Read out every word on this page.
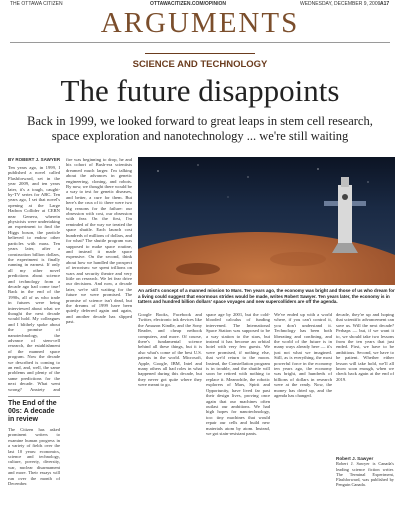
THE OTTAWA CITIZEN	OTTAWACITIZEN.COM/OPINION	WEDNESDAY, DECEMBER 9, 2009 A17
ARGUMENTS
SCIENCE AND TECHNOLOGY
The future disappoints
Back in 1999, we looked forward to great leaps in stem cell research, space exploration and nanotechnology ... we're still waiting
BY ROBERT J. SAWYER
Ten years ago, in 1999, I published a novel called Flashforward, set in the year 2009, and ten years later, it's a tough, caught-by-TV series for ABC. Ten years ago, I set that novel's opening at the Large Hadron Collider at CERN near Geneva, wherein physicists were undertaking an experiment to find the Higgs boson, the particle believed to endow other particles with mass. Ten years later, after a construction billion dollars, the experiment is finally running in earnest. If only all my other novel predictions about science and technology from a decade ago had come true! Back in the end of the 1990s, all of us who trade in futures were being interviewed about what we thought the next decade would hold. My colleagues and I blithely spoke about the promise of nanotechnology, the advance of stem-cell research, the establishment of the manned space program. Now the decade we described is coming to an end, and, well, the same problems and plenty of the same predictions for the next decade. What went wrong? Anxiety and
fire was beginning to drop, he and his cohort of Bush-era scientists dreamed much larger. I'm talking about the advances in genetic engineering, cloning, and robots. By now, we thought there would be a way to test for genetic diseases, and better, a cure for them. But here's the crux of it: there were two big reasons for the failure: our obsession with cost, our obsession with fear. On the first, I'm reminded of the way we treated the space shuttle. Each launch cost hundreds of millions of dollars, and for what? The shuttle program was supposed to make space routine, and instead it made space expensive. On the second, think about how we handled the prospect of terrorism: we spent trillions on wars and security theatre and very little on research. We let fear drive our decisions. And now, a decade later, we're still waiting for the future we were promised. The promise of science isn't dead, but the dreams of 1999 have been quietly deferred again and again, and another decade has slipped past.
The End of the 00s: A decade in review
The Citizen has asked prominent writers to examine human progress in a variety of fields over the last 10 years: economics, science and technology, culture, poverty, diversity, war, nuclear disarmament and more. Their essays will run over the month of December.
An artist's concept of a manned mission to Mars. Ten years ago, the economy was bright and those of us who dream for a living could suggest that enormous strides would be made, writes Robert Sawyer. Ten years later, the economy is in tatters and hundred billion dollars' space voyages and new supercolliders are off the agenda.
Google Books, Facebook and Twitter, electronic ink devices like the Amazon Kindle, and the Sony Reader, and cheap netbook computers, and more. Of course, there's fundamental science behind all these things, but it is also what's come of the best U.S. patents in the world. Microsoft, Apple, Google, IBM, Intel and many others all had roles in what happened during this decade, but they never got quite where they were meant to go.
space age by 2001, but the cold-blooded calculus of funding intervened. The International Space Station was supposed to be a way station to the stars, but instead it has become an orbital hotel with very few guests. We were promised, if nothing else, that we'd return to the moon. Instead, the Constellation program is in trouble, and the shuttle will soon be retired with nothing to replace it. Meanwhile, the robotic explorers of Mars, Spirit and Opportunity, have lived far past their design lives, proving once again that our machines often outlast our ambitions. We had high hopes for nanotechnology, too: tiny machines that would repair our cells and build new materials atom by atom. Instead, we got stain-resistant pants.
We've ended up with a world where, if you can't control it, you don't understand it. Technology has been both liberating and confining, and the world of the future is in many ways already here — it's just not what we imagined. Still, as is everything, the most powerful force in the economy ten years ago, the economy was bright, and hundreds of billions of dollars in research were at the ready. Now, the money has dried up, and the agenda has changed.
decade, they're up and hoping that scientific advancement can save us. Will the next decade? Perhaps — but, if we want it to, we should take two lessons from the ten years that just ended. First, we have to be ambitious. Second, we have to be patient. Whether either lesson will take hold, we'll all know soon enough, when we check back again at the end of 2019.
Robert J. Sawyer
Robert J. Sawyer is Canada's leading science fiction writer. The Terminal Experiment, Flashforward, was published by Penguin Canada.
